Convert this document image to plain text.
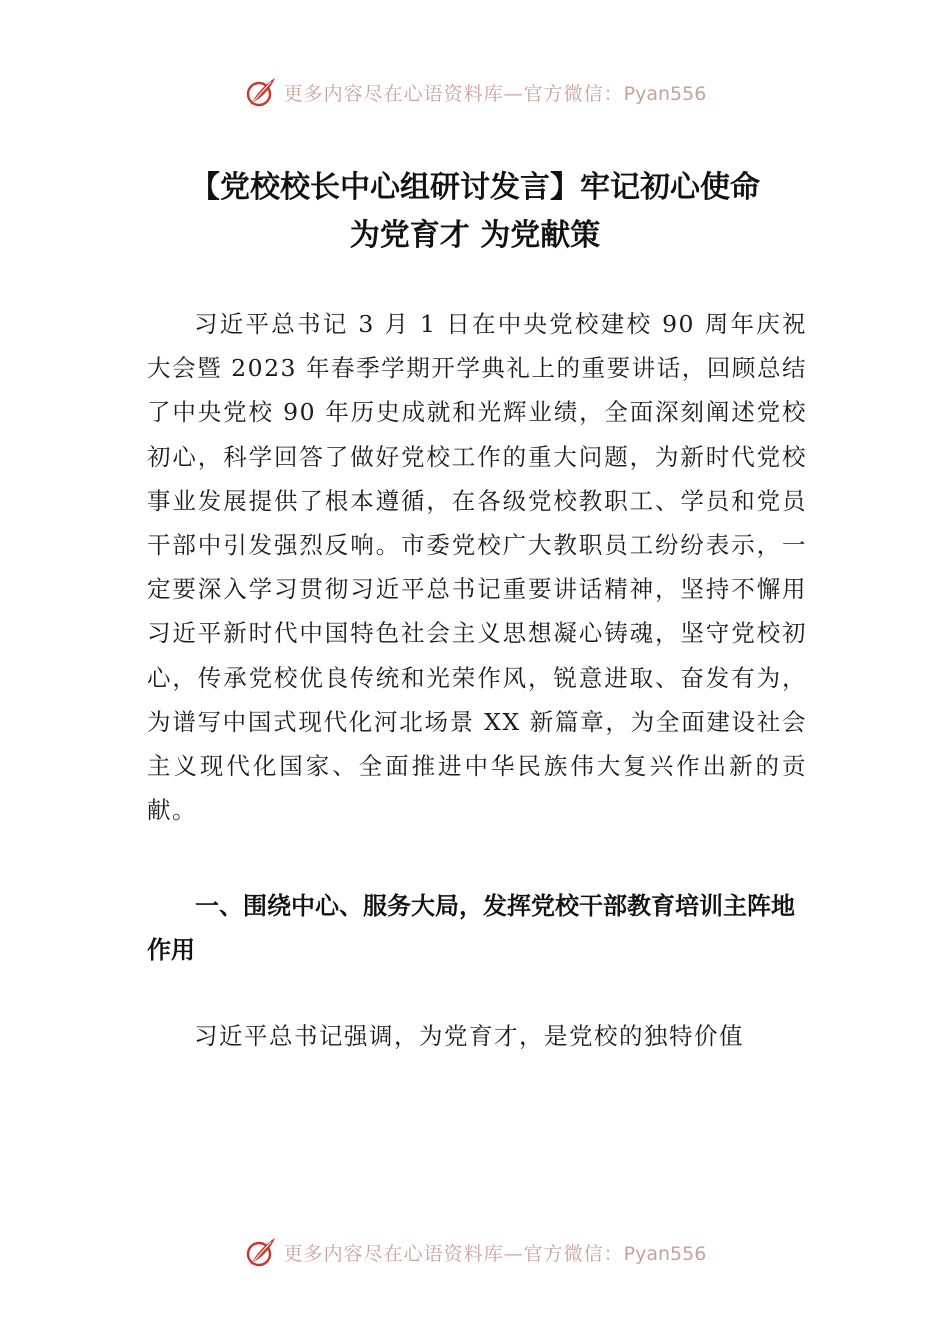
更多内容尽在心语资料库—官方微信：Pyan556
【党校校长中心组研讨发言】牢记初心使命
为党育才 为党献策

习近平总书记 3 月 1 日在中央党校建校 90 周年庆祝大会暨 2023 年春季学期开学典礼上的重要讲话，回顾总结了中央党校 90 年历史成就和光辉业绩，全面深刻阐述党校初心，科学回答了做好党校工作的重大问题，为新时代党校事业发展提供了根本遵循，在各级党校教职工、学员和党员干部中引发强烈反响。市委党校广大教职员工纷纷表示，一定要深入学习贯彻习近平总书记重要讲话精神，坚持不懈用习近平新时代中国特色社会主义思想凝心铸魂，坚守党校初心，传承党校优良传统和光荣作风，锐意进取、奋发有为，为谱写中国式现代化河北场景 XX 新篇章，为全面建设社会主义现代化国家、全面推进中华民族伟大复兴作出新的贡献。

一、围绕中心、服务大局，发挥党校干部教育培训主阵地作用

习近平总书记强调，为党育才，是党校的独特价值

更多内容尽在心语资料库—官方微信：Pyan556
